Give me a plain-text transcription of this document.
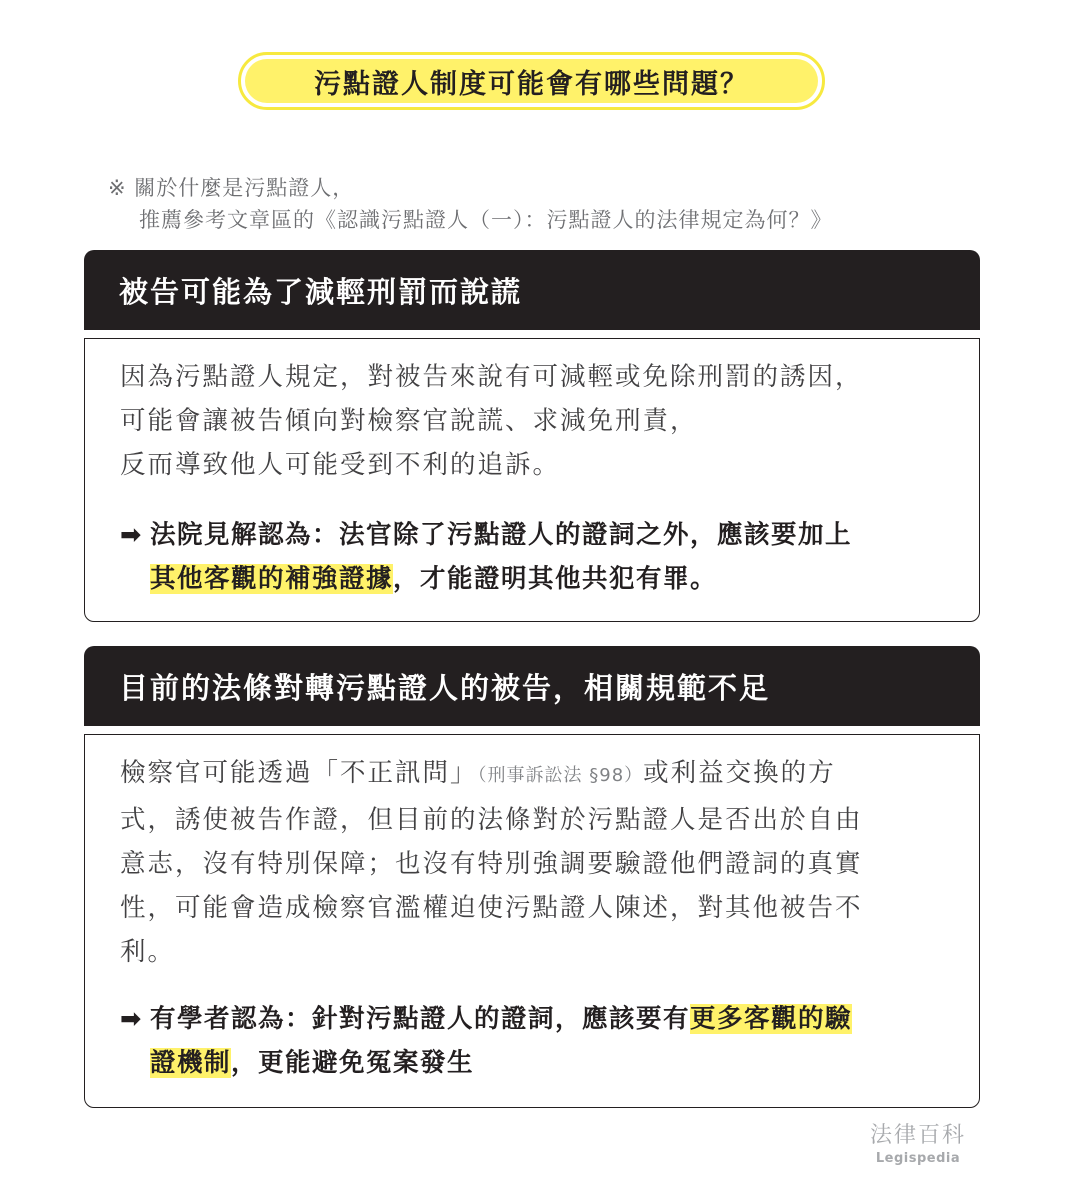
污點證人制度可能會有哪些問題？
※ 關於什麼是污點證人，
推薦參考文章區的《認識污點證人（一）：污點證人的法律規定為何？》
被告可能為了減輕刑罰而說謊
因為污點證人規定，對被告來說有可減輕或免除刑罰的誘因，
可能會讓被告傾向對檢察官說謊、求減免刑責，
反而導致他人可能受到不利的追訴。
➡ 法院見解認為：法官除了污點證人的證詞之外，應該要加上
其他客觀的補強證據，才能證明其他共犯有罪。
目前的法條對轉污點證人的被告，相關規範不足
檢察官可能透過「不正訊問」（刑事訴訟法 §98）或利益交換的方
式，誘使被告作證，但目前的法條對於污點證人是否出於自由
意志，沒有特別保障；也沒有特別強調要驗證他們證詞的真實
性，可能會造成檢察官濫權迫使污點證人陳述，對其他被告不
利。
➡ 有學者認為：針對污點證人的證詞，應該要有更多客觀的驗
證機制，更能避免冤案發生
法律百科
Legispedia
